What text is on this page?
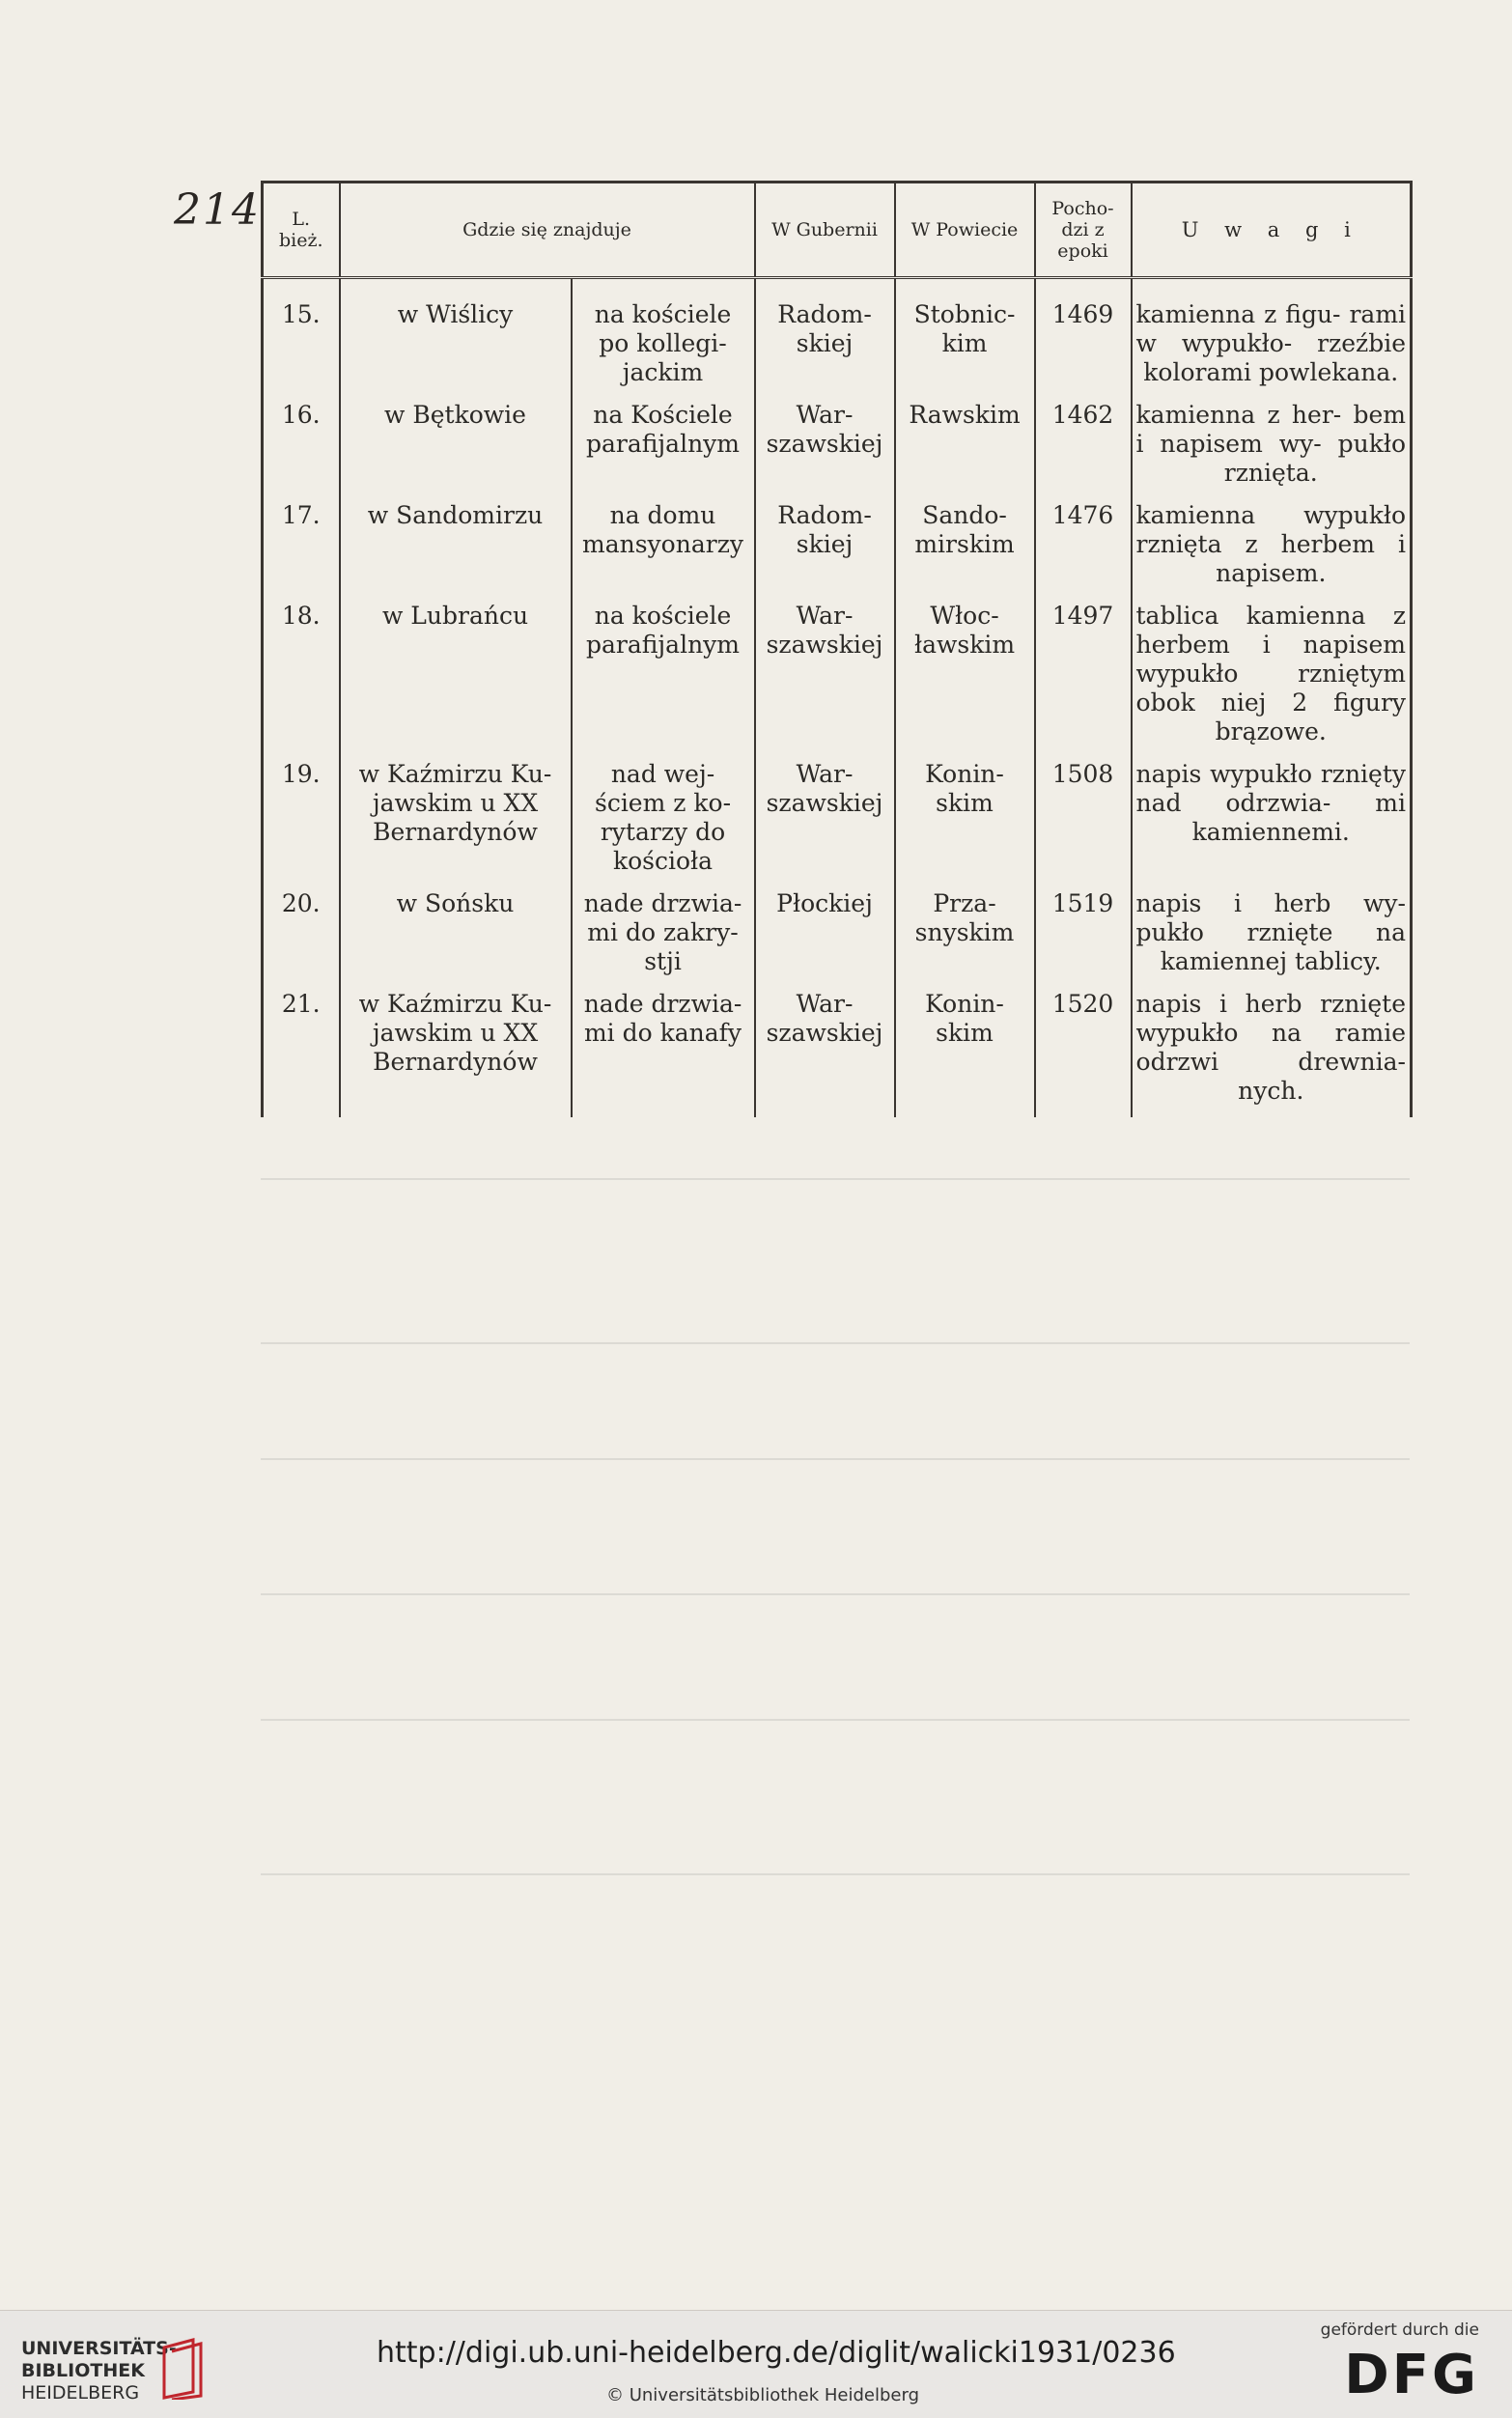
214 L. bież.	Gdzie się znajduje		W Gubernii	W Powiecie	Pocho- dzi z epoki	U w a g i
15.	w Wiślicy	na kościele po kollegi- jackim	Radom- skiej	Stobnic- kim	1469	kamienna z figu- rami w wypukło- rzeźbie kolorami powlekana.
16.	w Bętkowie	na Kościele parafijalnym	War- szawskiej	Rawskim	1462	kamienna z her- bem i napisem wy- pukło rznięta.
17.	w Sandomirzu	na domu mansyonarzy	Radom- skiej	Sando- mirskim	1476	kamienna wypukło rznięta z herbem i napisem.
18.	w Lubrańcu	na kościele parafijalnym	War- szawskiej	Włoc- ławskim	1497	tablica kamienna z herbem i napisem wypukło rzniętym obok niej 2 figury brązowe.
19.	w Kaźmirzu Ku- jawskim u XX Bernardynów	nad wej- ściem z ko- rytarzy do kościoła	War- szawskiej	Konin- skim	1508	napis wypukło rznięty nad odrzwia- mi kamiennemi.
20.	w Sońsku	nade drzwia- mi do zakry- stji	Płockiej	Prza- snyskim	1519	napis i herb wy- pukło rznięte na kamiennej tablicy.
21.	w Kaźmirzu Ku- jawskim u XX Bernardynów	nade drzwia- mi do kanafy	War- szawskiej	Konin- skim	1520	napis i herb rznięte wypukło na ramie odrzwi drewnia- nych.
UNIVERSITÄTS-
BIBLIOTHEK
HEIDELBERG
http://digi.ub.uni-heidelberg.de/diglit/walicki1931/0236
© Universitätsbibliothek Heidelberg
gefördert durch die
DFG
